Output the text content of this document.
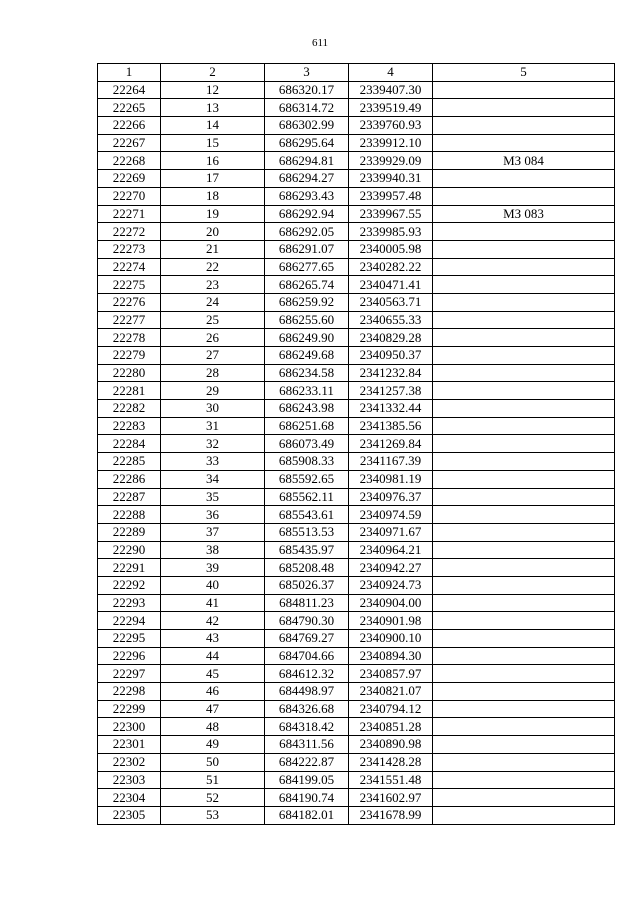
611
1	2	3	4	5
22264	12	686320.17	2339407.30	
22265	13	686314.72	2339519.49	
22266	14	686302.99	2339760.93	
22267	15	686295.64	2339912.10	
22268	16	686294.81	2339929.09	МЗ 084
22269	17	686294.27	2339940.31	
22270	18	686293.43	2339957.48	
22271	19	686292.94	2339967.55	МЗ 083
22272	20	686292.05	2339985.93	
22273	21	686291.07	2340005.98	
22274	22	686277.65	2340282.22	
22275	23	686265.74	2340471.41	
22276	24	686259.92	2340563.71	
22277	25	686255.60	2340655.33	
22278	26	686249.90	2340829.28	
22279	27	686249.68	2340950.37	
22280	28	686234.58	2341232.84	
22281	29	686233.11	2341257.38	
22282	30	686243.98	2341332.44	
22283	31	686251.68	2341385.56	
22284	32	686073.49	2341269.84	
22285	33	685908.33	2341167.39	
22286	34	685592.65	2340981.19	
22287	35	685562.11	2340976.37	
22288	36	685543.61	2340974.59	
22289	37	685513.53	2340971.67	
22290	38	685435.97	2340964.21	
22291	39	685208.48	2340942.27	
22292	40	685026.37	2340924.73	
22293	41	684811.23	2340904.00	
22294	42	684790.30	2340901.98	
22295	43	684769.27	2340900.10	
22296	44	684704.66	2340894.30	
22297	45	684612.32	2340857.97	
22298	46	684498.97	2340821.07	
22299	47	684326.68	2340794.12	
22300	48	684318.42	2340851.28	
22301	49	684311.56	2340890.98	
22302	50	684222.87	2341428.28	
22303	51	684199.05	2341551.48	
22304	52	684190.74	2341602.97	
22305	53	684182.01	2341678.99	
